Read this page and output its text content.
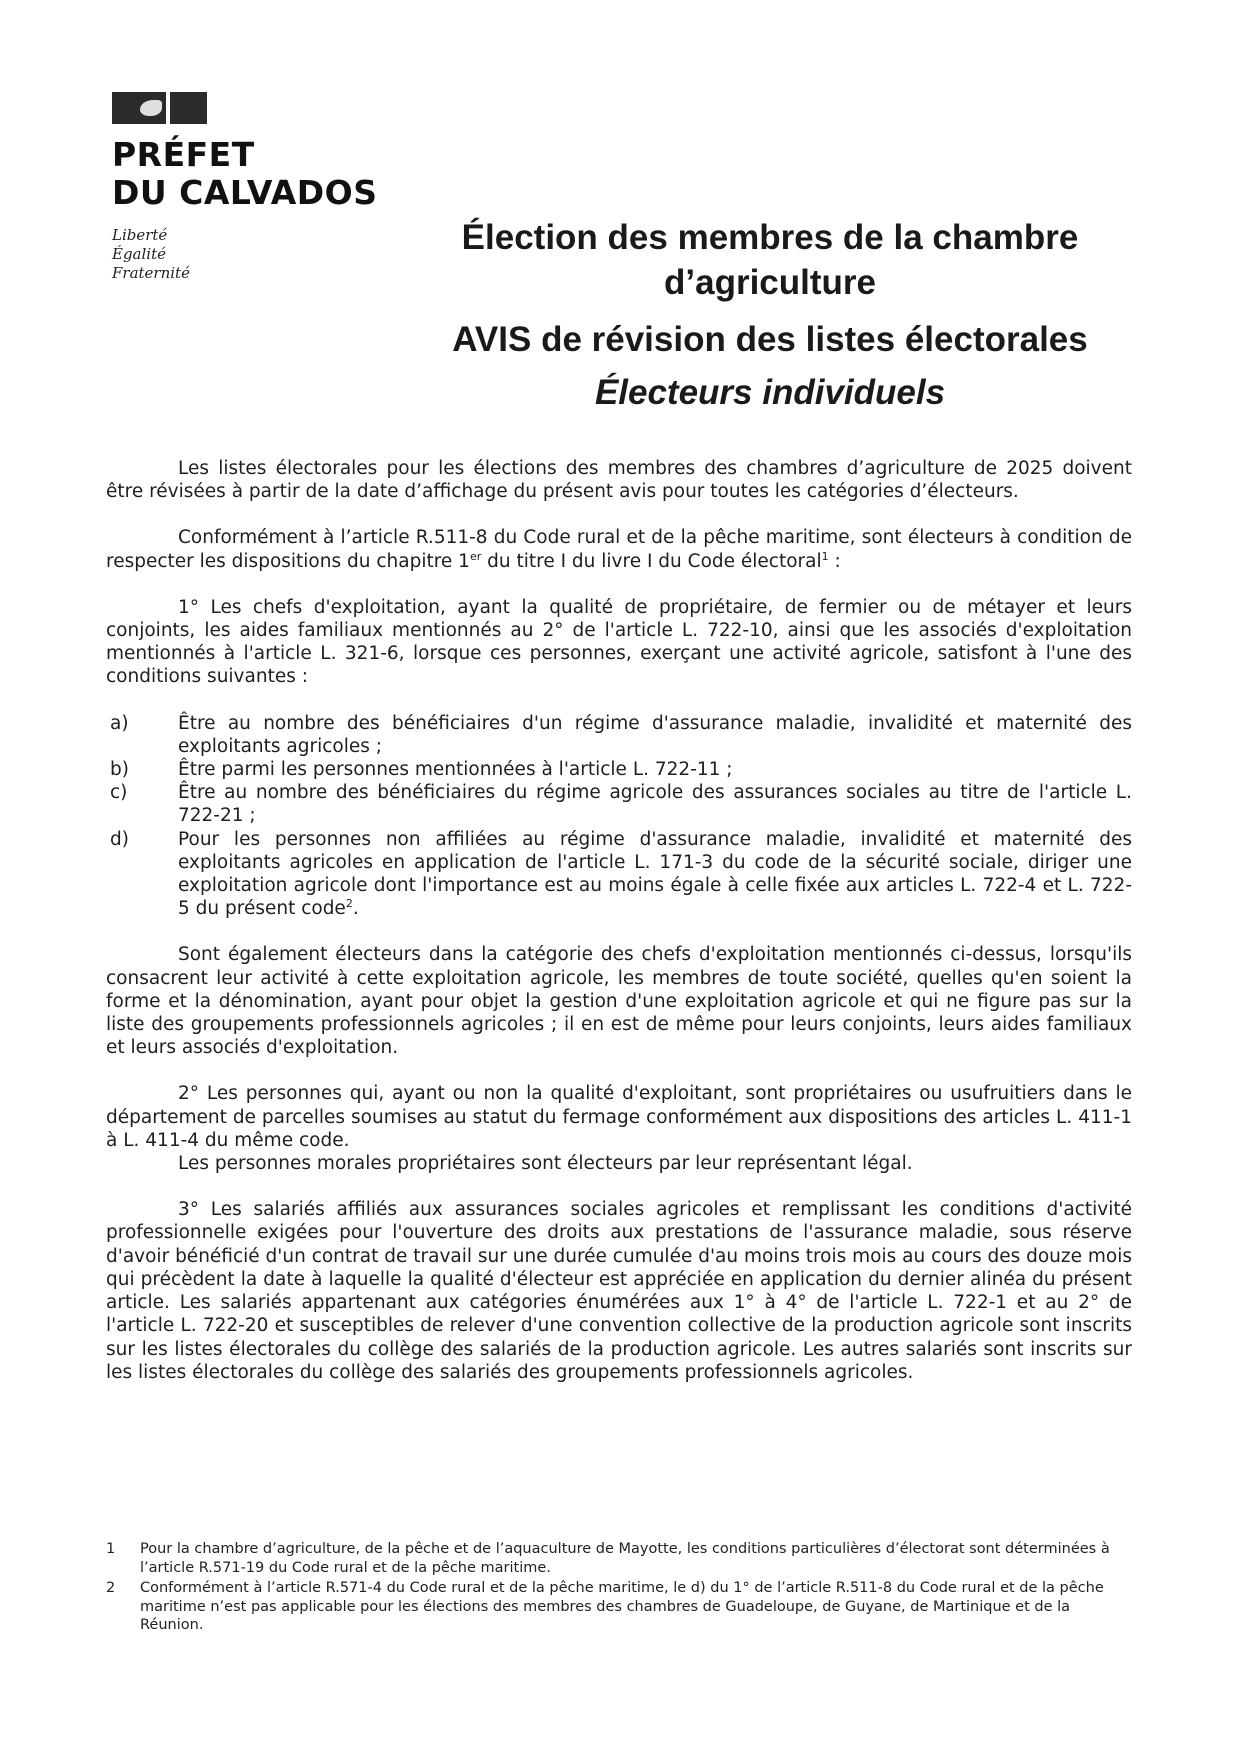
PRÉFET
DU CALVADOS
Liberté
Égalité
Fraternité
Élection des membres de la chambre
d’agriculture
AVIS de révision des listes électorales
Électeurs individuels

Les listes électorales pour les élections des membres des chambres d’agriculture de 2025 doivent être révisées à partir de la date d’affichage du présent avis pour toutes les catégories d’électeurs.

Conformément à l’article R.511-8 du Code rural et de la pêche maritime, sont électeurs à condition de respecter les dispositions du chapitre 1er du titre I du livre I du Code électoral$^1$ :

1° Les chefs d'exploitation, ayant la qualité de propriétaire, de fermier ou de métayer et leurs conjoints, les aides familiaux mentionnés au 2° de l'article L. 722-10, ainsi que les associés d'exploitation mentionnés à l'article L. 321-6, lorsque ces personnes, exerçant une activité agricole, satisfont à l'une des conditions suivantes :

a)	Être au nombre des bénéficiaires d'un régime d'assurance maladie, invalidité et maternité des exploitants agricoles ;
b)	Être parmi les personnes mentionnées à l'article L. 722-11 ;
c)	Être au nombre des bénéficiaires du régime agricole des assurances sociales au titre de l'article L. 722-21 ;
d)	Pour les personnes non affiliées au régime d'assurance maladie, invalidité et maternité des exploitants agricoles en application de l'article L. 171-3 du code de la sécurité sociale, diriger une exploitation agricole dont l'importance est au moins égale à celle fixée aux articles L. 722-4 et L. 722-5 du présent code$^2$.

Sont également électeurs dans la catégorie des chefs d'exploitation mentionnés ci-dessus, lorsqu'ils consacrent leur activité à cette exploitation agricole, les membres de toute société, quelles qu'en soient la forme et la dénomination, ayant pour objet la gestion d'une exploitation agricole et qui ne figure pas sur la liste des groupements professionnels agricoles ; il en est de même pour leurs conjoints, leurs aides familiaux et leurs associés d'exploitation.

2° Les personnes qui, ayant ou non la qualité d'exploitant, sont propriétaires ou usufruitiers dans le département de parcelles soumises au statut du fermage conformément aux dispositions des articles L. 411-1 à L. 411-4 du même code.

Les personnes morales propriétaires sont électeurs par leur représentant légal.

3° Les salariés affiliés aux assurances sociales agricoles et remplissant les conditions d'activité professionnelle exigées pour l'ouverture des droits aux prestations de l'assurance maladie, sous réserve d'avoir bénéficié d'un contrat de travail sur une durée cumulée d'au moins trois mois au cours des douze mois qui précèdent la date à laquelle la qualité d'électeur est appréciée en application du dernier alinéa du présent article. Les salariés appartenant aux catégories énumérées aux 1° à 4° de l'article L. 722-1 et au 2° de l'article L. 722-20 et susceptibles de relever d'une convention collective de la production agricole sont inscrits sur les listes électorales du collège des salariés de la production agricole. Les autres salariés sont inscrits sur les listes électorales du collège des salariés des groupements professionnels agricoles.

1	Pour la chambre d’agriculture, de la pêche et de l’aquaculture de Mayotte, les conditions particulières d’électorat sont déterminées à l’article R.571-19 du Code rural et de la pêche maritime.
2	Conformément à l’article R.571-4 du Code rural et de la pêche maritime, le d) du 1° de l’article R.511-8 du Code rural et de la pêche maritime n’est pas applicable pour les élections des membres des chambres de Guadeloupe, de Guyane, de Martinique et de la Réunion.
